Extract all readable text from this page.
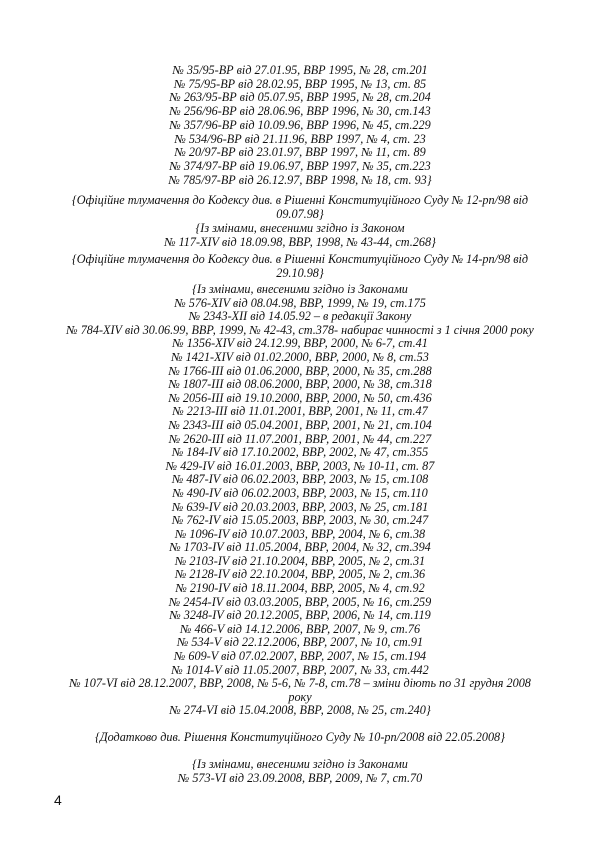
№ 35/95-ВР від 27.01.95, ВВР 1995, № 28, ст.201
№ 75/95-ВР від 28.02.95, ВВР 1995, № 13, ст. 85
№ 263/95-ВР від 05.07.95, ВВР 1995, № 28, ст.204
№ 256/96-ВР від 28.06.96, ВВР 1996, № 30, ст.143
№ 357/96-ВР від 10.09.96, ВВР 1996, № 45, ст.229
№ 534/96-ВР від 21.11.96, ВВР 1997, № 4, ст. 23
№ 20/97-ВР від 23.01.97, ВВР 1997, № 11, ст. 89
№ 374/97-ВР від 19.06.97, ВВР 1997, № 35, ст.223
№ 785/97-ВР від 26.12.97, ВВР 1998, № 18, ст. 93}
{Офіційне тлумачення до Кодексу див. в Рішенні Конституційного Суду № 12-рп/98 від
09.07.98}
{Із змінами, внесеними згідно із Законом
№ 117-XIV від 18.09.98, ВВР, 1998, № 43-44, ст.268}
{Офіційне тлумачення до Кодексу див. в Рішенні Конституційного Суду № 14-рп/98 від
29.10.98}
{Із змінами, внесеними згідно із Законами
№ 576-XIV від 08.04.98, ВВР, 1999, № 19, ст.175
№ 2343-XII від 14.05.92 – в редакції Закону
№ 784-XIV від 30.06.99, ВВР, 1999, № 42-43, ст.378- набирає чинності з 1 січня 2000 року
№ 1356-XIV від 24.12.99, ВВР, 2000, № 6-7, ст.41
№ 1421-XIV від 01.02.2000, ВВР, 2000, № 8, ст.53
№ 1766-III від 01.06.2000, ВВР, 2000, № 35, ст.288
№ 1807-III від 08.06.2000, ВВР, 2000, № 38, ст.318
№ 2056-III від 19.10.2000, ВВР, 2000, № 50, ст.436
№ 2213-III від 11.01.2001, ВВР, 2001, № 11, ст.47
№ 2343-III від 05.04.2001, ВВР, 2001, № 21, ст.104
№ 2620-III від 11.07.2001, ВВР, 2001, № 44, ст.227
№ 184-IV від 17.10.2002, ВВР, 2002, № 47, ст.355
№ 429-IV від 16.01.2003, ВВР, 2003, № 10-11, ст. 87
№ 487-IV від 06.02.2003, ВВР, 2003, № 15, ст.108
№ 490-IV від 06.02.2003, ВВР, 2003, № 15, ст.110
№ 639-IV від 20.03.2003, ВВР, 2003, № 25, ст.181
№ 762-IV від 15.05.2003, ВВР, 2003, № 30, ст.247
№ 1096-IV від 10.07.2003, ВВР, 2004, № 6, ст.38
№ 1703-IV від 11.05.2004, ВВР, 2004, № 32, ст.394
№ 2103-IV від 21.10.2004, ВВР, 2005, № 2, ст.31
№ 2128-IV від 22.10.2004, ВВР, 2005, № 2, ст.36
№ 2190-IV від 18.11.2004, ВВР, 2005, № 4, ст.92
№ 2454-IV від 03.03.2005, ВВР, 2005, № 16, ст.259
№ 3248-IV від 20.12.2005, ВВР, 2006, № 14, ст.119
№ 466-V від 14.12.2006, ВВР, 2007, № 9, ст.76
№ 534-V від 22.12.2006, ВВР, 2007, № 10, ст.91
№ 609-V від 07.02.2007, ВВР, 2007, № 15, ст.194
№ 1014-V від 11.05.2007, ВВР, 2007, № 33, ст.442
№ 107-VI від 28.12.2007, ВВР, 2008, № 5-6, № 7-8, ст.78 – зміни діють по 31 грудня 2008
року
№ 274-VI від 15.04.2008, ВВР, 2008, № 25, ст.240}
{Додатково див. Рішення Конституційного Суду № 10-рп/2008 від 22.05.2008}
{Із змінами, внесеними згідно із Законами
№ 573-VI від 23.09.2008, ВВР, 2009, № 7, ст.70
4
